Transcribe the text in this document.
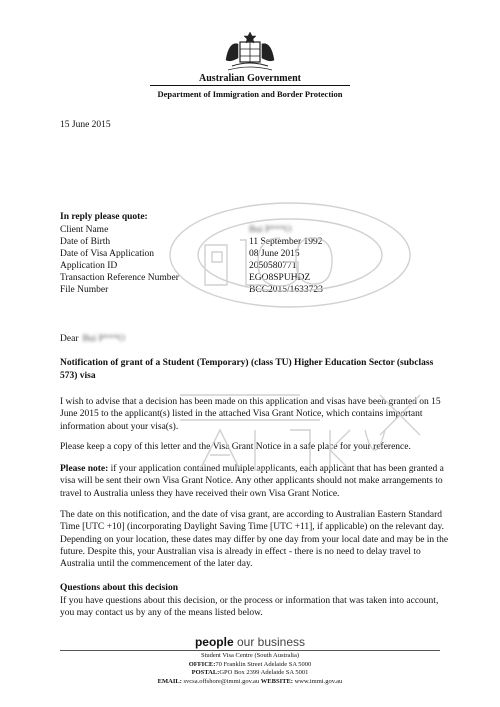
Australian Government
Department of Immigration and Border Protection
15 June 2015
In reply please quote:
Client Name	Bui P***O
Date of Birth	11 September 1992
Date of Visa Application	08 June 2015
Application ID	2050580771
Transaction Reference Number	EGO8SPUHDZ
File Number	BCC2015/1633723
Dear Bui P***O
Notification of grant of a Student (Temporary) (class TU) Higher Education Sector (subclass 573) visa
I wish to advise that a decision has been made on this application and visas have been granted on 15 June 2015 to the applicant(s) listed in the attached Visa Grant Notice, which contains important information about your visa(s).
Please keep a copy of this letter and the Visa Grant Notice in a safe place for your reference.
Please note: if your application contained multiple applicants, each applicant that has been granted a visa will be sent their own Visa Grant Notice. Any other applicants should not make arrangements to travel to Australia unless they have received their own Visa Grant Notice.
The date on this notification, and the date of visa grant, are according to Australian Eastern Standard Time [UTC +10] (incorporating Daylight Saving Time [UTC +11], if applicable) on the relevant day. Depending on your location, these dates may differ by one day from your local date and may be in the future. Despite this, your Australian visa is already in effect - there is no need to delay travel to Australia until the commencement of the later day.
Questions about this decision
If you have questions about this decision, or the process or information that was taken into account, you may contact us by any of the means listed below.
people our business
Student Visa Centre (South Australia)
OFFICE:70 Franklin Street Adelaide SA 5000
POSTAL:GPO Box 2399 Adelaide SA 5001
EMAIL: svcsa.offshore@immi.gov.au WEBSITE: www.immi.gov.au
